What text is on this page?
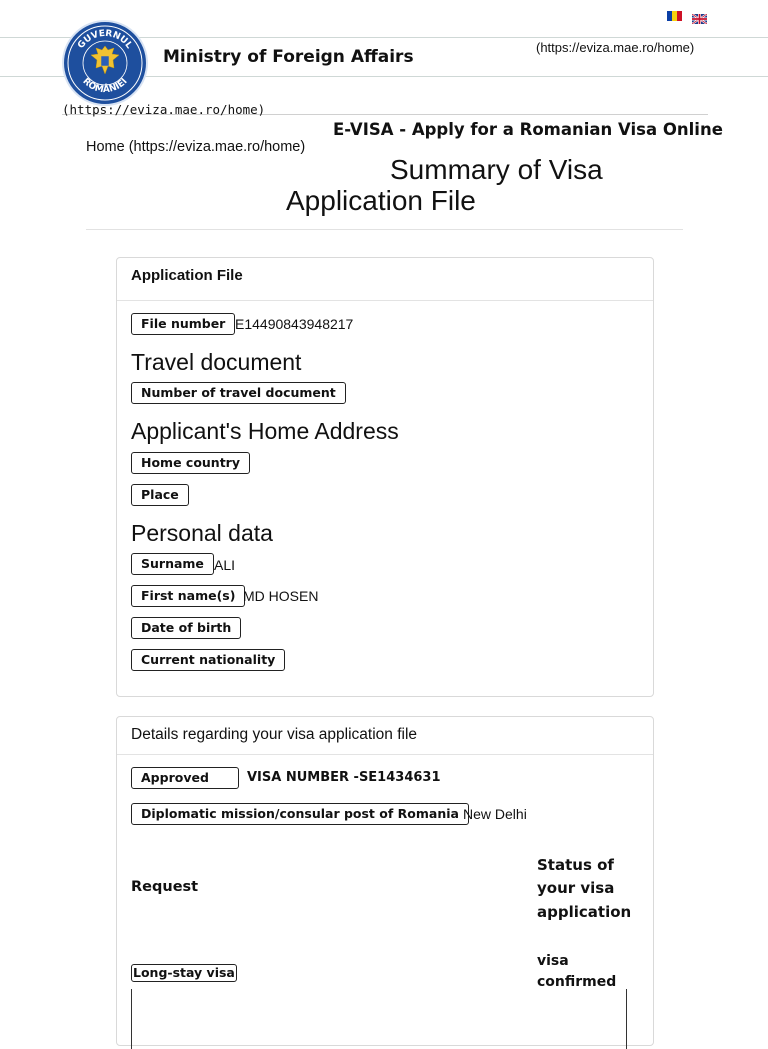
GUVERNUL
ROMÂNIEI
Ministry of Foreign Affairs	(https://eviza.mae.ro/home)
(https://eviza.mae.ro/home)
E-VISA - Apply for a Romanian Visa Online
Home (https://eviza.mae.ro/home)
Summary of Visa
Application File
Application File
File number E14490843948217
Travel document
Number of travel document
Applicant's Home Address
Home country
Place
Personal data
Surname ALI
First name(s) MD HOSEN
Date of birth
Current nationality
Details regarding your visa application file
Approved	VISA NUMBER -SE1434631
Diplomatic mission/consular post of Romania New Delhi
Request
Status of
your visa
application
Long-stay visa
visa
confirmed
